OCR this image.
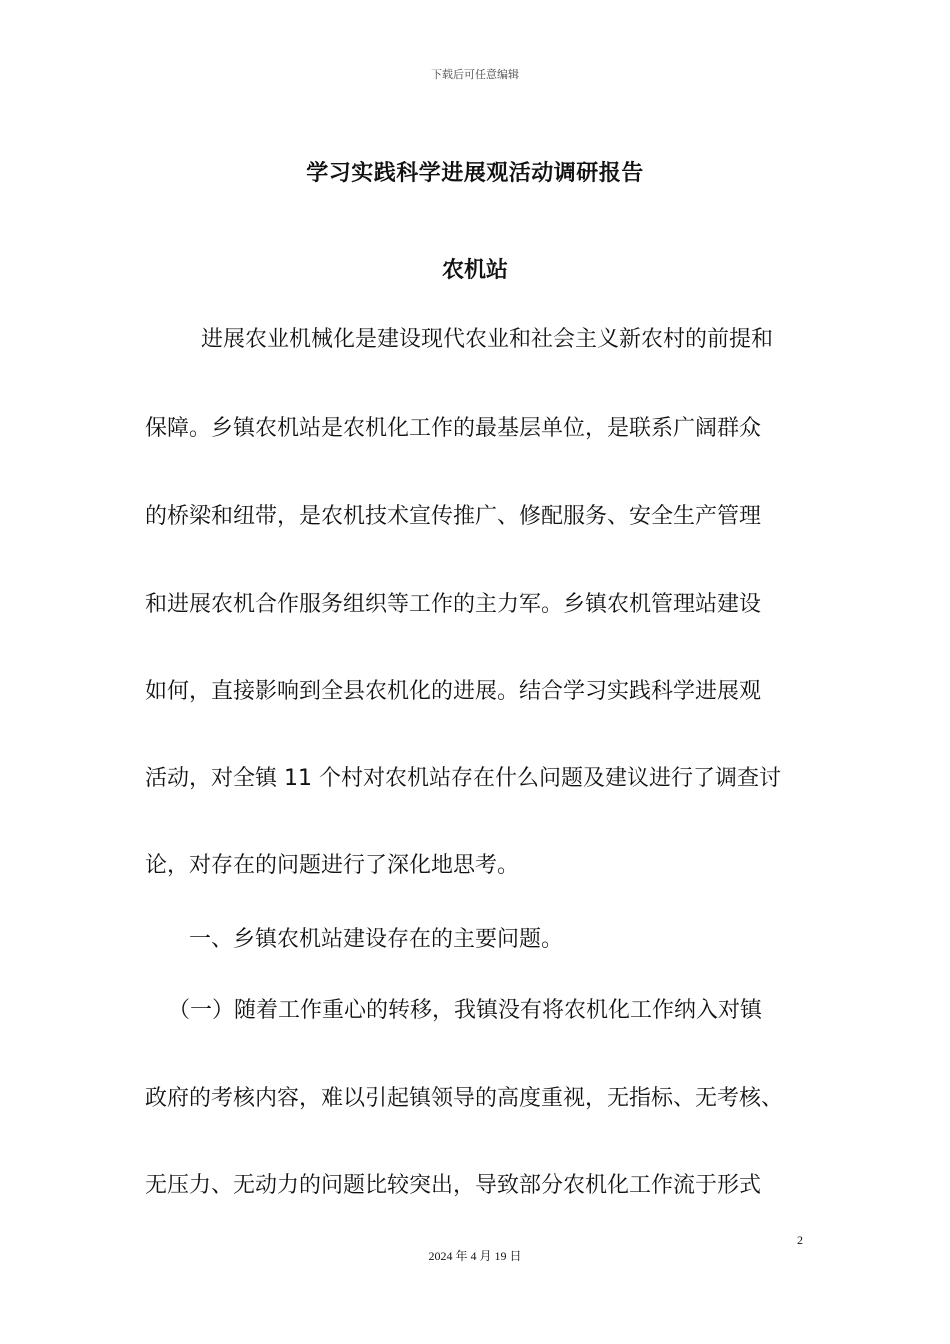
下载后可任意编辑
学习实践科学进展观活动调研报告
农机站
进展农业机械化是建设现代农业和社会主义新农村的前提和
保障。乡镇农机站是农机化工作的最基层单位，是联系广阔群众
的桥梁和纽带，是农机技术宣传推广、修配服务、安全生产管理
和进展农机合作服务组织等工作的主力军。乡镇农机管理站建设
如何，直接影响到全县农机化的进展。结合学习实践科学进展观
活动，对全镇 11 个村对农机站存在什么问题及建议进行了调查讨
论，对存在的问题进行了深化地思考。
一、乡镇农机站建设存在的主要问题。
（一）随着工作重心的转移，我镇没有将农机化工作纳入对镇
政府的考核内容，难以引起镇领导的高度重视，无指标、无考核、
无压力、无动力的问题比较突出，导致部分农机化工作流于形式
2
2024 年 4 月 19 日
